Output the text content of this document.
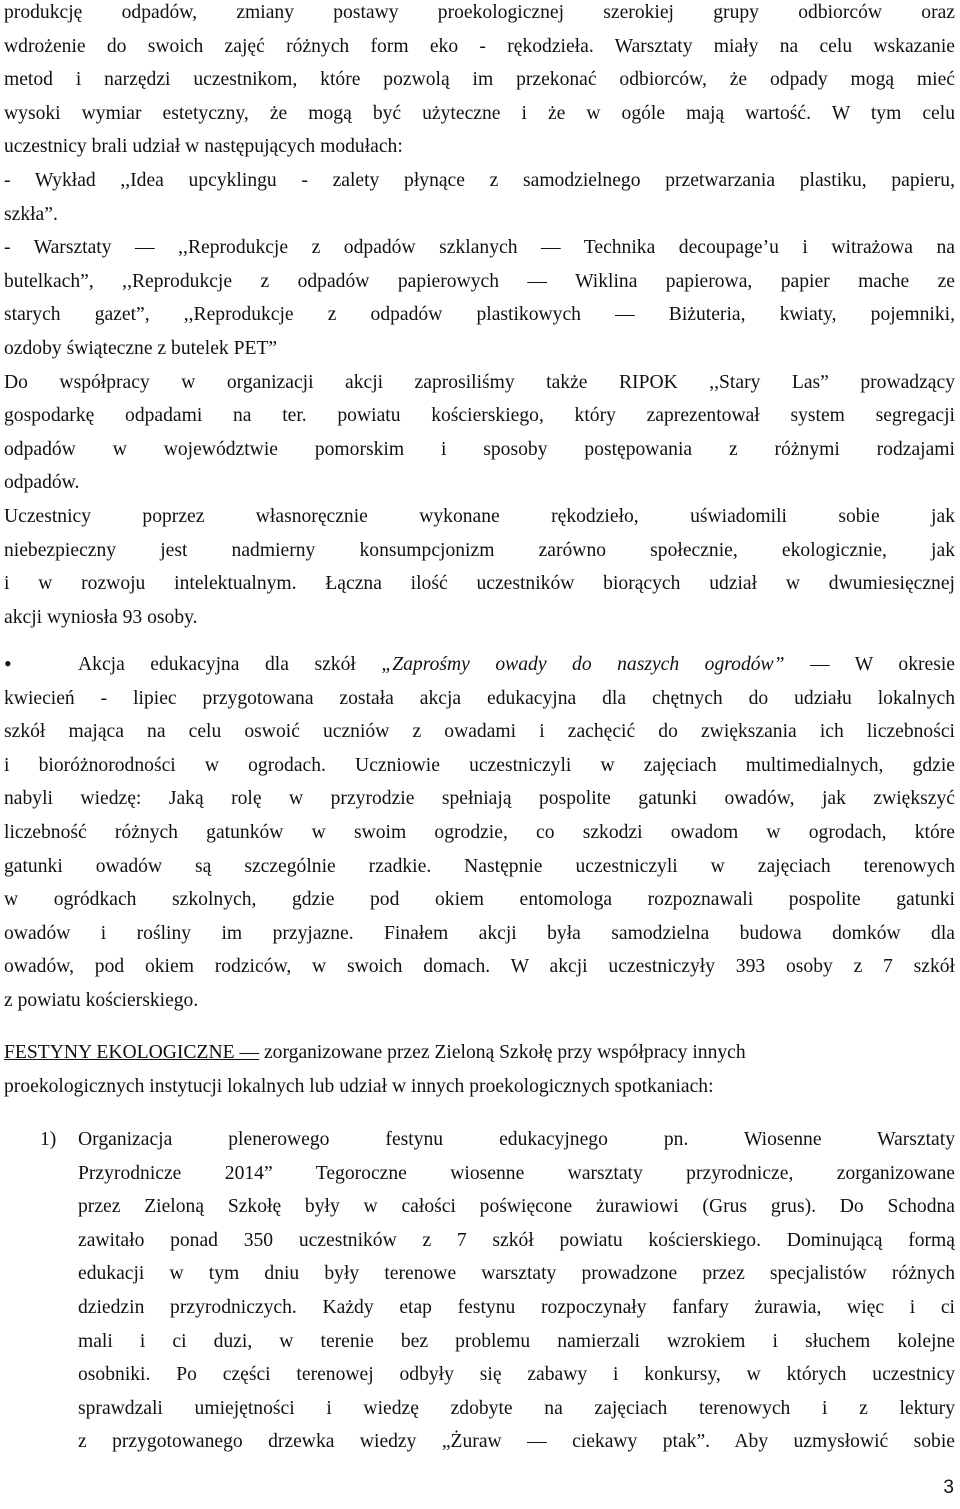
produkcję odpadów, zmiany postawy proekologicznej szerokiej grupy odbiorców oraz
wdrożenie do swoich zajęć różnych form eko - rękodzieła. Warsztaty miały na celu wskazanie
metod i narzędzi uczestnikom, które pozwolą im przekonać odbiorców, że odpady mogą mieć
wysoki wymiar estetyczny, że mogą być użyteczne i że w ogóle mają wartość. W tym celu
uczestnicy brali udział w następujących modułach:
- Wykład ,,Idea upcyklingu - zalety płynące z samodzielnego przetwarzania plastiku, papieru,
szkła”.
- Warsztaty ― ,,Reprodukcje z odpadów szklanych ― Technika decoupage’u i witrażowa na
butelkach”, ,,Reprodukcje z odpadów papierowych ― Wiklina papierowa, papier mache ze
starych gazet”, ,,Reprodukcje z odpadów plastikowych ― Biżuteria, kwiaty, pojemniki,
ozdoby świąteczne z butelek PET”
Do współpracy w organizacji akcji zaprosiliśmy także RIPOK ,,Stary Las” prowadzący
gospodarkę odpadami na ter. powiatu kościerskiego, który zaprezentował system segregacji
odpadów w województwie pomorskim i sposoby postępowania z różnymi rodzajami
odpadów.
Uczestnicy poprzez własnoręcznie wykonane rękodzieło, uświadomili sobie jak
niebezpieczny jest nadmierny konsumpcjonizm zarówno społecznie, ekologicznie, jak
i w rozwoju intelektualnym. Łączna ilość uczestników biorących udział w dwumiesięcznej
akcji wyniosła 93 osoby.
•	Akcja edukacyjna dla szkół „Zaprośmy owady do naszych ogrodów” ― W okresie
kwiecień - lipiec przygotowana została akcja edukacyjna dla chętnych do udziału lokalnych
szkół mająca na celu oswoić uczniów z owadami i zachęcić do zwiększania ich liczebności
i bioróżnorodności w ogrodach. Uczniowie uczestniczyli w zajęciach multimedialnych, gdzie
nabyli wiedzę: Jaką rolę w przyrodzie spełniają pospolite gatunki owadów, jak zwiększyć
liczebność różnych gatunków w swoim ogrodzie, co szkodzi owadom w ogrodach, które
gatunki owadów są szczególnie rzadkie. Następnie uczestniczyli w zajęciach terenowych
w ogródkach szkolnych, gdzie pod okiem entomologa rozpoznawali pospolite gatunki
owadów i rośliny im przyjazne. Finałem akcji była samodzielna budowa domków dla
owadów, pod okiem rodziców, w swoich domach. W akcji uczestniczyły 393 osoby z 7 szkół
z powiatu kościerskiego.
FESTYNY EKOLOGICZNE ― zorganizowane przez Zieloną Szkołę przy współpracy innych
proekologicznych instytucji lokalnych lub udział w innych proekologicznych spotkaniach:
1) Organizacja plenerowego festynu edukacyjnego pn. Wiosenne Warsztaty
Przyrodnicze 2014” Tegoroczne wiosenne warsztaty przyrodnicze, zorganizowane
przez Zieloną Szkołę były w całości poświęcone żurawiowi (Grus grus). Do Schodna
zawitało ponad 350 uczestników z 7 szkół powiatu kościerskiego. Dominującą formą
edukacji w tym dniu były terenowe warsztaty prowadzone przez specjalistów różnych
dziedzin przyrodniczych. Każdy etap festynu rozpoczynały fanfary żurawia, więc i ci
mali i ci duzi, w terenie bez problemu namierzali wzrokiem i słuchem kolejne
osobniki. Po części terenowej odbyły się zabawy i konkursy, w których uczestnicy
sprawdzali umiejętności i wiedzę zdobyte na zajęciach terenowych i z lektury
z przygotowanego drzewka wiedzy „Żuraw ― ciekawy ptak”. Aby uzmysłowić sobie
3
